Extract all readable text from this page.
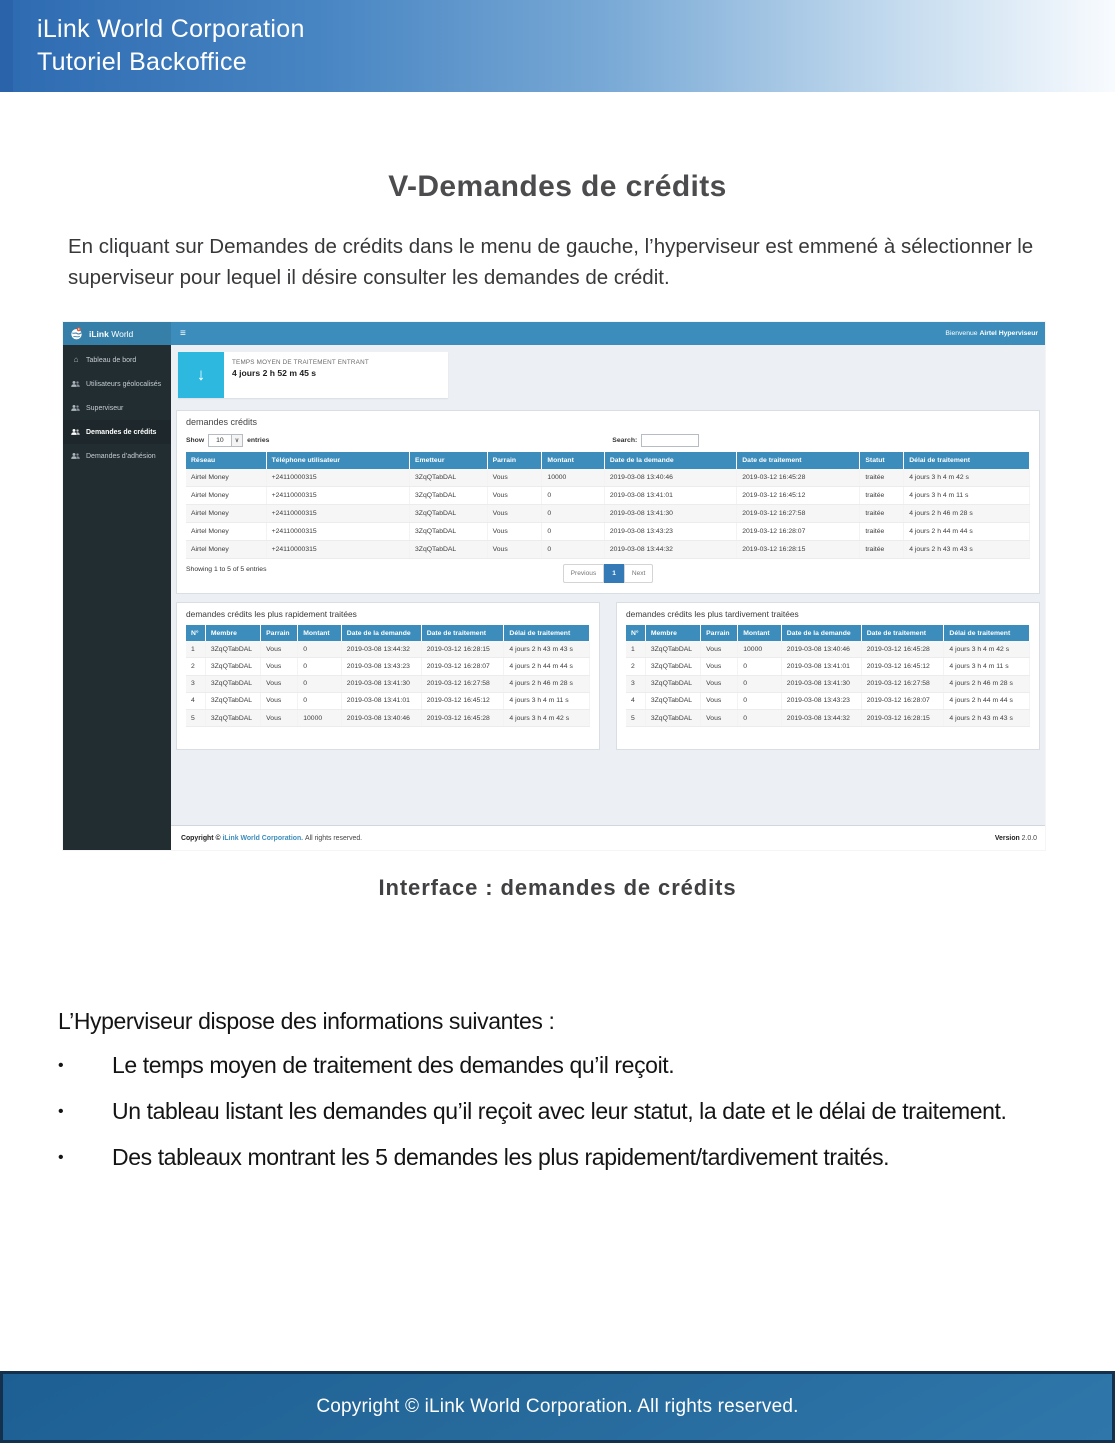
iLink World Corporation
Tutoriel Backoffice
V-Demandes de crédits

En cliquant sur Demandes de crédits dans le menu de gauche, l’hyperviseur est emmené à sélectionner le superviseur pour lequel il désire consulter les demandes de crédit.

iLink World	≡	Bienvenue Airtel Hyperviseur
⌂	Tableau de bord
Utilisateurs géolocalisés
Superviseur
Demandes de crédits
Demandes d’adhésion
↓
TEMPS MOYEN DE TRAITEMENT ENTRANT
4 jours 2 h 52 m 45 s
demandes crédits
Show	10	∨	entries	Search:
Réseau	Téléphone utilisateur	Emetteur	Parrain	Montant	Date de la demande	Date de traitement	Statut	Délai de traitement
Airtel Money	+24110000315	3ZqQTabDAL	Vous	10000	2019-03-08 13:40:46	2019-03-12 16:45:28	traitée	4 jours 3 h 4 m 42 s
Airtel Money	+24110000315	3ZqQTabDAL	Vous	0	2019-03-08 13:41:01	2019-03-12 16:45:12	traitée	4 jours 3 h 4 m 11 s
Airtel Money	+24110000315	3ZqQTabDAL	Vous	0	2019-03-08 13:41:30	2019-03-12 16:27:58	traitée	4 jours 2 h 46 m 28 s
Airtel Money	+24110000315	3ZqQTabDAL	Vous	0	2019-03-08 13:43:23	2019-03-12 16:28:07	traitée	4 jours 2 h 44 m 44 s
Airtel Money	+24110000315	3ZqQTabDAL	Vous	0	2019-03-08 13:44:32	2019-03-12 16:28:15	traitée	4 jours 2 h 43 m 43 s
Showing 1 to 5 of 5 entries
Previous 1 Next
demandes crédits les plus rapidement traitées
N°	Membre	Parrain	Montant	Date de la demande	Date de traitement	Délai de traitement
1	3ZqQTabDAL	Vous	0	2019-03-08 13:44:32	2019-03-12 16:28:15	4 jours 2 h 43 m 43 s
2	3ZqQTabDAL	Vous	0	2019-03-08 13:43:23	2019-03-12 16:28:07	4 jours 2 h 44 m 44 s
3	3ZqQTabDAL	Vous	0	2019-03-08 13:41:30	2019-03-12 16:27:58	4 jours 2 h 46 m 28 s
4	3ZqQTabDAL	Vous	0	2019-03-08 13:41:01	2019-03-12 16:45:12	4 jours 3 h 4 m 11 s
5	3ZqQTabDAL	Vous	10000	2019-03-08 13:40:46	2019-03-12 16:45:28	4 jours 3 h 4 m 42 s
demandes crédits les plus tardivement traitées
N°	Membre	Parrain	Montant	Date de la demande	Date de traitement	Délai de traitement
1	3ZqQTabDAL	Vous	10000	2019-03-08 13:40:46	2019-03-12 16:45:28	4 jours 3 h 4 m 42 s
2	3ZqQTabDAL	Vous	0	2019-03-08 13:41:01	2019-03-12 16:45:12	4 jours 3 h 4 m 11 s
3	3ZqQTabDAL	Vous	0	2019-03-08 13:41:30	2019-03-12 16:27:58	4 jours 2 h 46 m 28 s
4	3ZqQTabDAL	Vous	0	2019-03-08 13:43:23	2019-03-12 16:28:07	4 jours 2 h 44 m 44 s
5	3ZqQTabDAL	Vous	0	2019-03-08 13:44:32	2019-03-12 16:28:15	4 jours 2 h 43 m 43 s
Copyright © iLink World Corporation. All rights reserved.	Version 2.0.0
Interface : demandes de crédits
L’Hyperviseur dispose des informations suivantes :
•	Le temps moyen de traitement des demandes qu’il reçoit.
•	Un tableau listant les demandes qu’il reçoit avec leur statut, la date et le délai de traitement.
•	Des tableaux montrant les 5 demandes les plus rapidement/tardivement traités.
Copyright © iLink World Corporation. All rights reserved.
